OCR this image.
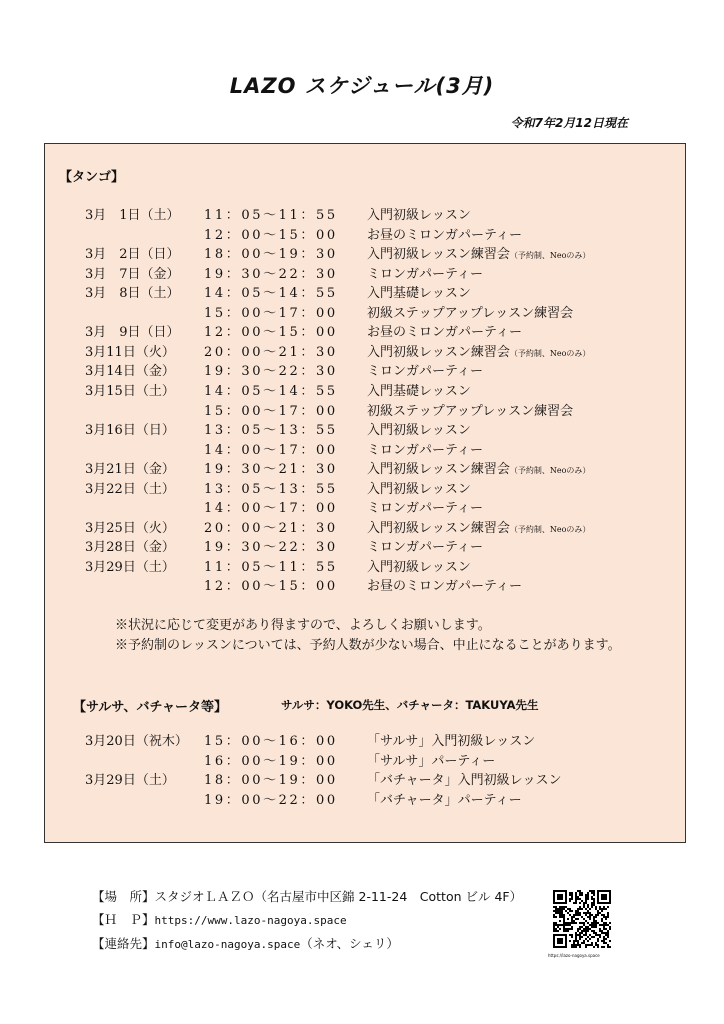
LAZO スケジュール(3月)
令和7年2月12日現在
【タンゴ】
3月　1日（土）	11：05〜11：55 入門初級レッスン
12：00〜15：00 お昼のミロンガパーティー
3月　2日（日）	18：00〜19：30 入門初級レッスン練習会（予約制、Neoのみ）
3月　7日（金）	19：30〜22：30 ミロンガパーティー
3月　8日（土）	14：05〜14：55 入門基礎レッスン
15：00〜17：00 初級ステップアップレッスン練習会
3月　9日（日）	12：00〜15：00 お昼のミロンガパーティー
3月11日（火）	20：00〜21：30 入門初級レッスン練習会（予約制、Neoのみ）
3月14日（金）	19：30〜22：30 ミロンガパーティー
3月15日（土）	14：05〜14：55 入門基礎レッスン
15：00〜17：00 初級ステップアップレッスン練習会
3月16日（日）	13：05〜13：55 入門初級レッスン
14：00〜17：00 ミロンガパーティー
3月21日（金）	19：30〜21：30 入門初級レッスン練習会（予約制、Neoのみ）
3月22日（土）	13：05〜13：55 入門初級レッスン
14：00〜17：00 ミロンガパーティー
3月25日（火）	20：00〜21：30 入門初級レッスン練習会（予約制、Neoのみ）
3月28日（金）	19：30〜22：30 ミロンガパーティー
3月29日（土）	11：05〜11：55 入門初級レッスン
12：00〜15：00 お昼のミロンガパーティー
※状況に応じて変更があり得ますので、よろしくお願いします。
※予約制のレッスンについては、予約人数が少ない場合、中止になることがあります。
【サルサ、バチャータ等】	サルサ：YOKO先生、バチャータ：TAKUYA先生
3月20日（祝木）	15：00〜16：00 「サルサ」入門初級レッスン
16：00〜19：00 「サルサ」パーティー
3月29日（土）	18：00〜19：00 「バチャータ」入門初級レッスン
19：00〜22：00 「バチャータ」パーティー
【場　所】スタジオＬＡＺＯ（名古屋市中区錦 2-11-24　Cotton ビル 4F）
【Ｈ　Ｐ】https://www.lazo-nagoya.space
【連絡先】info@lazo-nagoya.space（ネオ、シェリ）
https://lazo-nagoya.space
